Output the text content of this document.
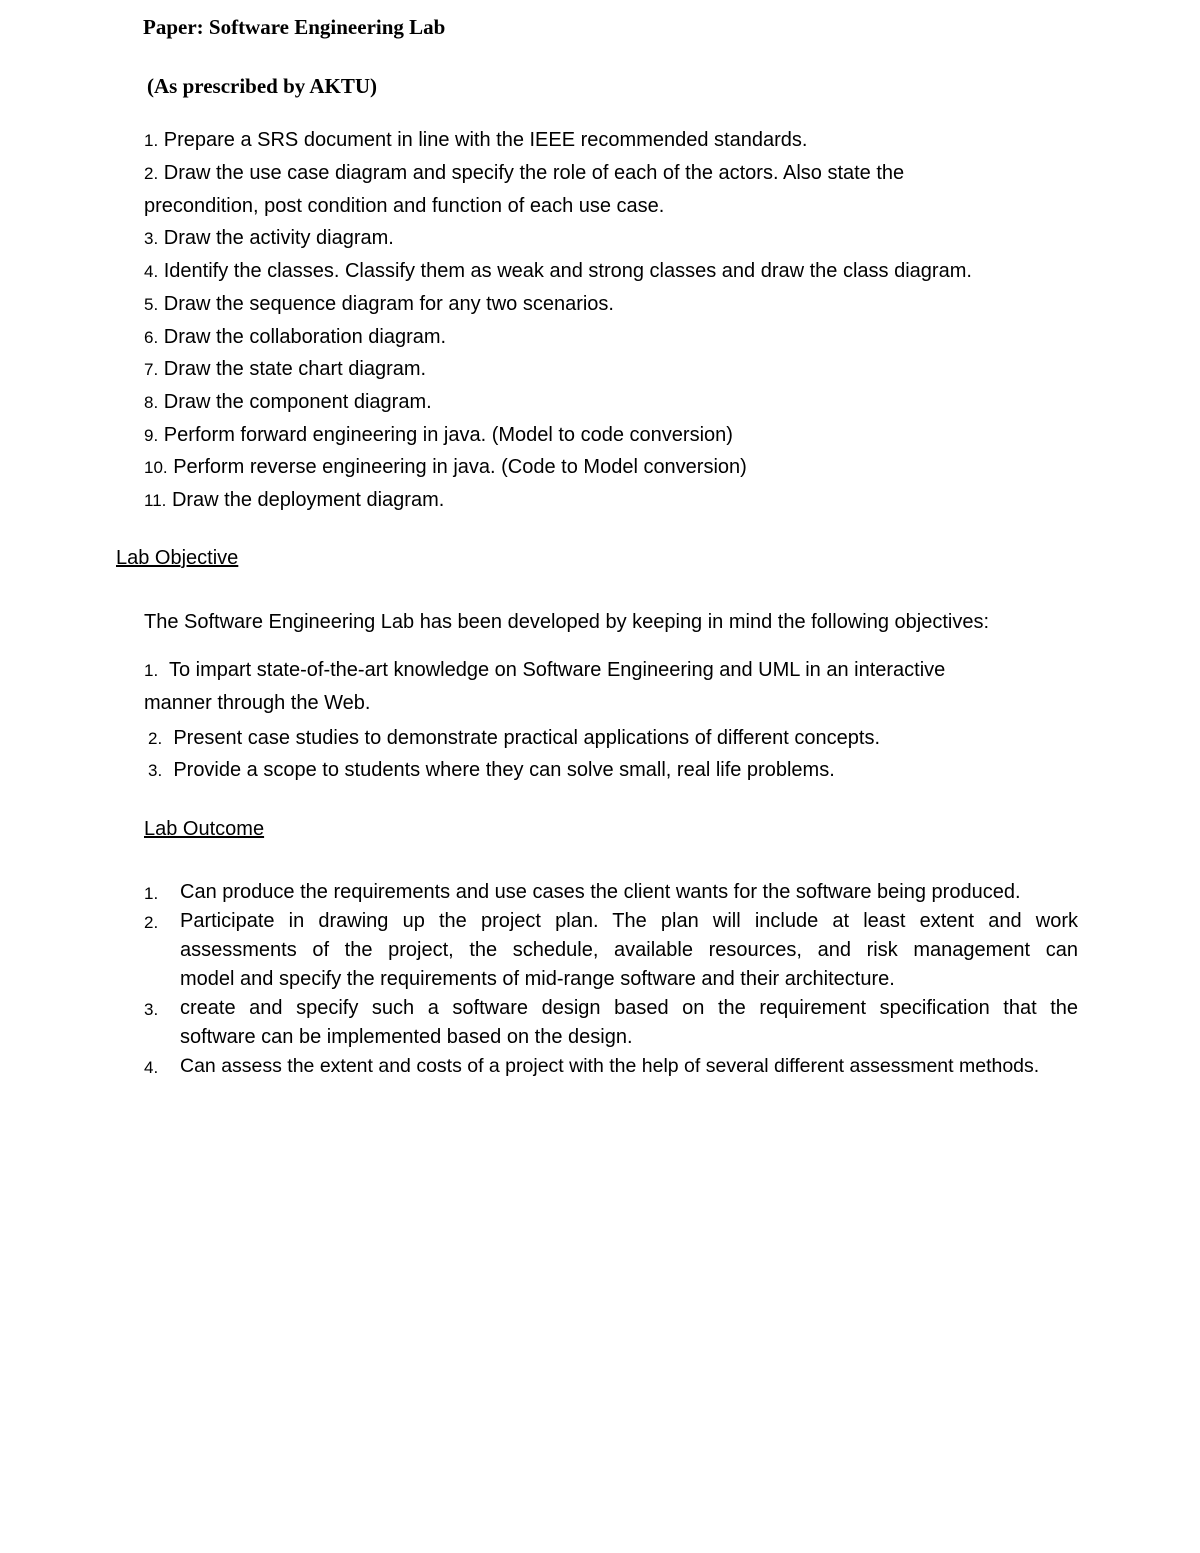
Paper: Software Engineering Lab
(As prescribed by AKTU)
1. Prepare a SRS document in line with the IEEE recommended standards.
2. Draw the use case diagram and specify the role of each of the actors. Also state the
precondition, post condition and function of each use case.
3. Draw the activity diagram.
4. Identify the classes. Classify them as weak and strong classes and draw the class diagram.
5. Draw the sequence diagram for any two scenarios.
6. Draw the collaboration diagram.
7. Draw the state chart diagram.
8. Draw the component diagram.
9. Perform forward engineering in java. (Model to code conversion)
10. Perform reverse engineering in java. (Code to Model conversion)
11. Draw the deployment diagram.
Lab Objective
The Software Engineering Lab has been developed by keeping in mind the following objectives:
1. To impart state-of-the-art knowledge on Software Engineering and UML in an interactive
manner through the Web.
2. Present case studies to demonstrate practical applications of different concepts.
3. Provide a scope to students where they can solve small, real life problems.
Lab Outcome
1. Can produce the requirements and use cases the client wants for the software being produced.
2. Participate in drawing up the project plan. The plan will include at least extent and work
assessments of the project, the schedule, available resources, and risk management can
model and specify the requirements of mid-range software and their architecture.
3. create and specify such a software design based on the requirement specification that the
software can be implemented based on the design.
4. Can assess the extent and costs of a project with the help of several different assessment methods.
